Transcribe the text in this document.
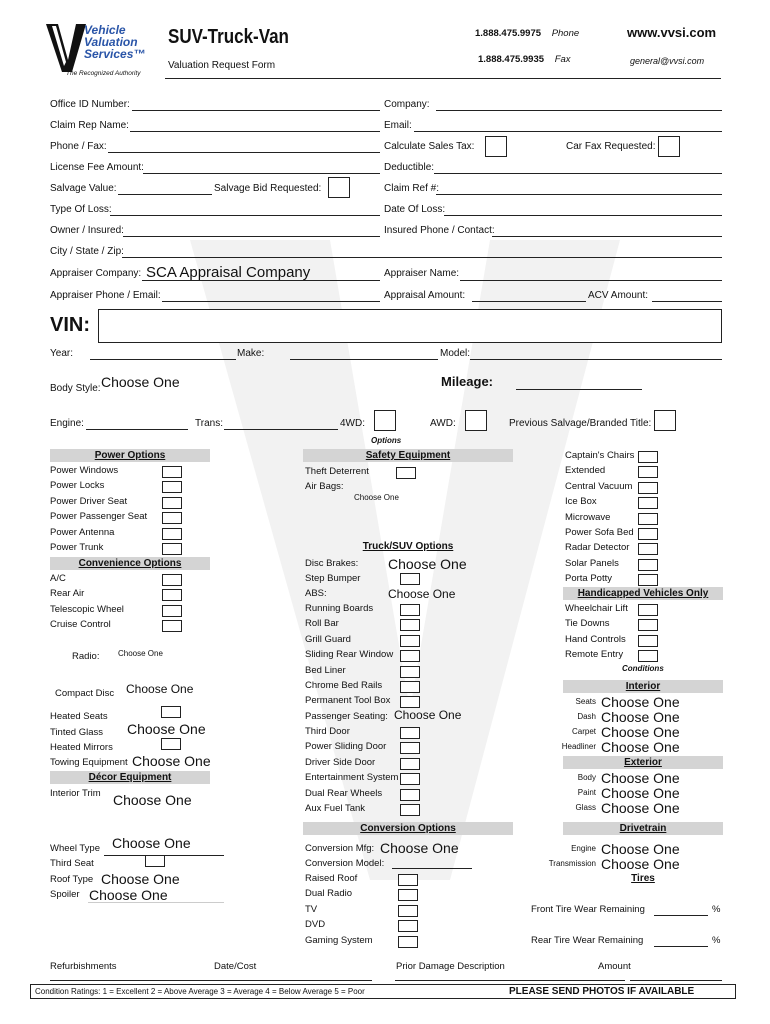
Vehicle
Valuation
Services™
The Recognized Authority
SUV-Truck-Van
Valuation Request Form
1.888.475.9975 Phone
1.888.475.9935 Fax
www.vvsi.com
general@vvsi.com
Office ID Number:	Company:
Claim Rep Name:	Email:
Phone / Fax:	Calculate Sales Tax:	Car Fax Requested:
License Fee Amount:	Deductible:
Salvage Value:	Salvage Bid Requested:	Claim Ref #:
Type Of Loss:	Date Of Loss:
Owner / Insured:	Insured Phone / Contact:
City / State / Zip:
Appraiser Company: SCA Appraisal Company	Appraiser Name:
Appraiser Phone / Email:	Appraisal Amount:	ACV Amount:
VIN:
Year:	Make:	Model:
Body Style: Choose One	Mileage:
Engine:	Trans:	4WD:	AWD:	Previous Salvage/Branded Title:
Options
Power Options
Convenience Options
Radio: Choose One
Compact Disc Choose One
Heated Seats
Tinted Glass Choose One
Heated Mirrors
Towing Equipment Choose One
Décor Equipment
Interior Trim Choose One
Wheel Type Choose One
Third Seat
Roof Type Choose One
Spoiler Choose One
Safety Equipment
Theft Deterrent
Air Bags:
Choose One
Truck/SUV Options
Disc Brakes: Choose One
Step Bumper
ABS:	Choose One
Passenger Seating: Choose One
Conversion Options
Conversion Mfg: Choose One
Conversion Model:
Handicapped Vehicles Only
Conditions
Interior
Exterior
Drivetrain
Tires
Front Tire Wear Remaining	%
Rear Tire Wear Remaining	%
Refurbishments	Date/Cost	Prior Damage Description	Amount
Condition Ratings: 1 = Excellent 2 = Above Average 3 = Average 4 = Below Average 5 = Poor	PLEASE SEND PHOTOS IF AVAILABLE
Power Windows
Power Locks
Power Driver Seat
Power Passenger Seat
Power Antenna
Power Trunk
A/C
Rear Air
Telescopic Wheel
Cruise Control
Running Boards
Roll Bar
Grill Guard
Sliding Rear Window
Bed Liner
Chrome Bed Rails
Permanent Tool Box
Third Door
Power Sliding Door
Driver Side Door
Entertainment System
Dual Rear Wheels
Aux Fuel Tank
Raised Roof
Dual Radio
TV
DVD
Gaming System
Captain's Chairs
Extended
Central Vacuum
Ice Box
Microwave
Power Sofa Bed
Radar Detector
Solar Panels
Porta Potty
Wheelchair Lift
Tie Downs
Hand Controls
Remote Entry
Seats Choose One
Dash Choose One
Carpet Choose One
Headliner Choose One
Body Choose One
Paint Choose One
Glass Choose One
Engine Choose One
Transmission Choose One
